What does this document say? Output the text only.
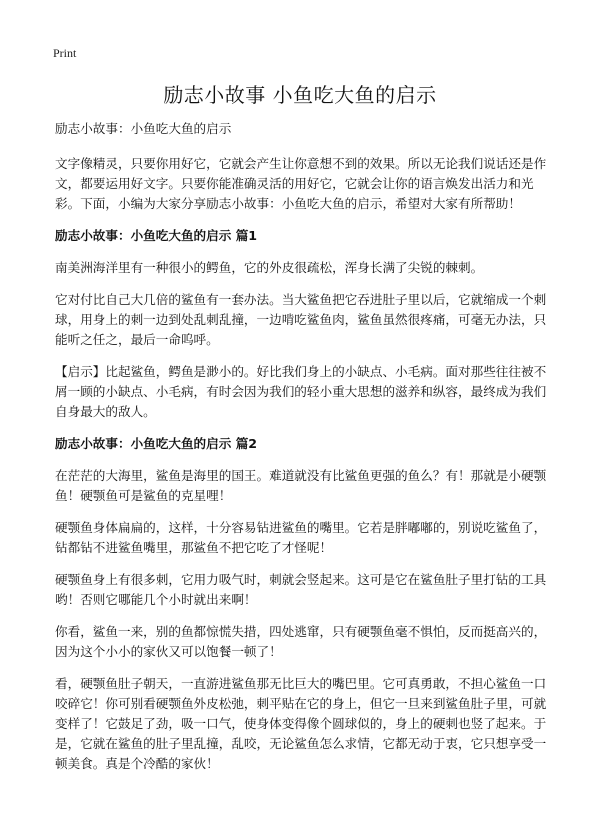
Print
励志小故事 小鱼吃大鱼的启示

励志小故事：小鱼吃大鱼的启示

文字像精灵，只要你用好它，它就会产生让你意想不到的效果。所以无论我们说话还是作文，都要运用好文字。只要你能准确灵活的用好它，它就会让你的语言焕发出活力和光彩。下面，小编为大家分享励志小故事：小鱼吃大鱼的启示，希望对大家有所帮助！

励志小故事：小鱼吃大鱼的启示 篇1

南美洲海洋里有一种很小的鳄鱼，它的外皮很疏松，浑身长满了尖锐的棘刺。

它对付比自己大几倍的鲨鱼有一套办法。当大鲨鱼把它吞进肚子里以后，它就缩成一个刺球，用身上的刺一边到处乱刺乱撞，一边啃吃鲨鱼肉，鲨鱼虽然很疼痛，可毫无办法，只能听之任之，最后一命呜呼。

【启示】比起鲨鱼，鳄鱼是渺小的。好比我们身上的小缺点、小毛病。面对那些往往被不屑一顾的小缺点、小毛病，有时会因为我们的轻小重大思想的滋养和纵容，最终成为我们自身最大的敌人。

励志小故事：小鱼吃大鱼的启示 篇2

在茫茫的大海里，鲨鱼是海里的国王。难道就没有比鲨鱼更强的鱼么？有！那就是小硬颚鱼！硬颚鱼可是鲨鱼的克星哩！

硬颚鱼身体扁扁的，这样，十分容易钻进鲨鱼的嘴里。它若是胖嘟嘟的，别说吃鲨鱼了，钻都钻不进鲨鱼嘴里，那鲨鱼不把它吃了才怪呢！

硬颚鱼身上有很多刺，它用力吸气时，刺就会竖起来。这可是它在鲨鱼肚子里打钻的工具哟！否则它哪能几个小时就出来啊！

你看，鲨鱼一来，别的鱼都惊慌失措，四处逃窜，只有硬颚鱼毫不惧怕，反而挺高兴的，因为这个小小的家伙又可以饱餐一顿了！

看，硬颚鱼肚子朝天，一直游进鲨鱼那无比巨大的嘴巴里。它可真勇敢，不担心鲨鱼一口咬碎它！你可别看硬颚鱼外皮松弛，刺平贴在它的身上，但它一旦来到鲨鱼肚子里，可就变样了！它鼓足了劲，吸一口气，使身体变得像个圆球似的，身上的硬刺也竖了起来。于是，它就在鲨鱼的肚子里乱撞，乱咬，无论鲨鱼怎么求情，它都无动于衷，它只想享受一顿美食。真是个冷酷的家伙！
